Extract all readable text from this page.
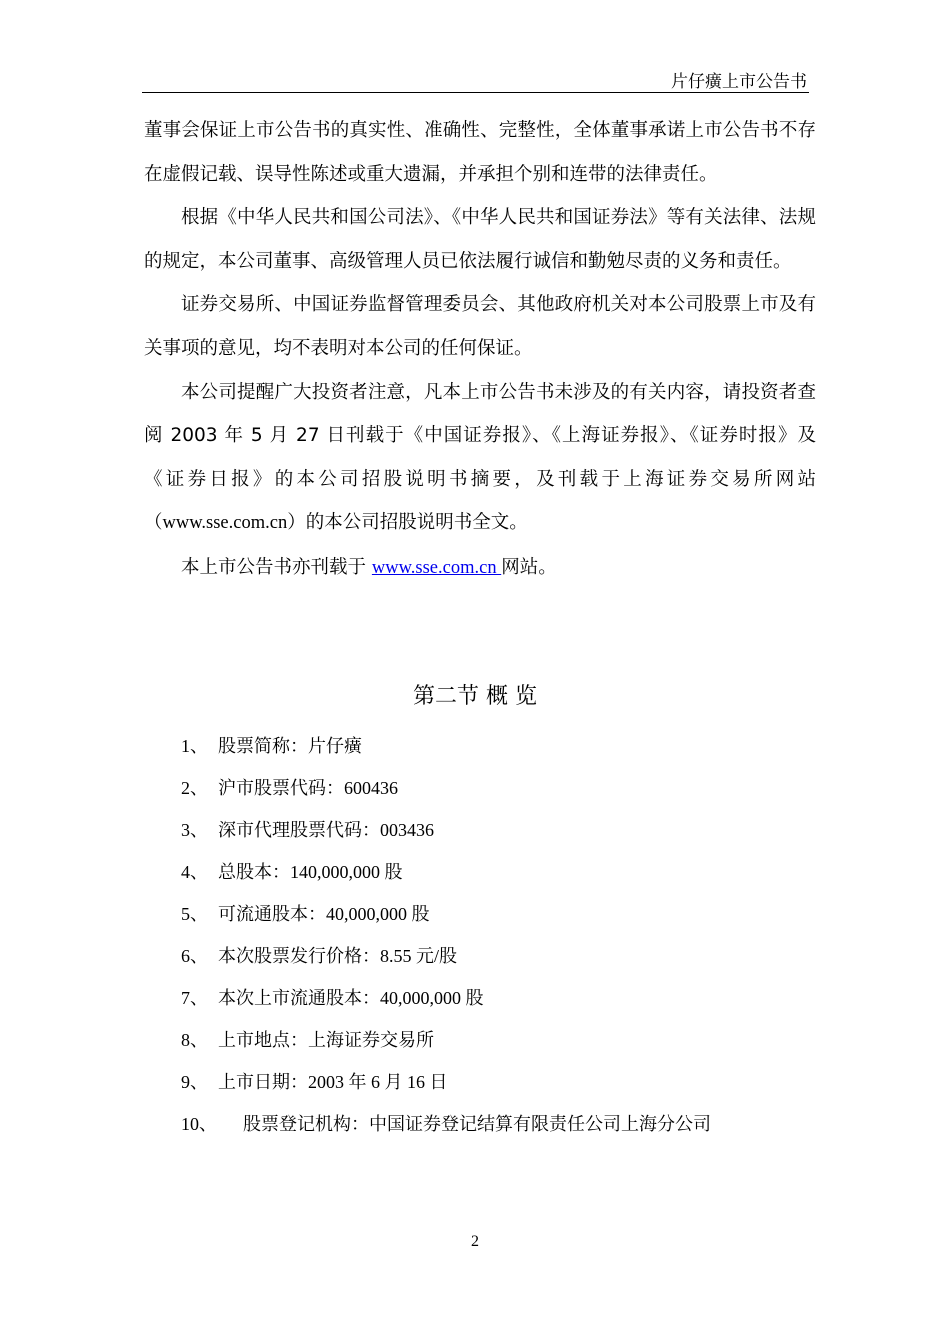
片仔癀上市公告书

董事会保证上市公告书的真实性、准确性、完整性，全体董事承诺上市公告书不存在虚假记载、误导性陈述或重大遗漏，并承担个别和连带的法律责任。

根据《中华人民共和国公司法》、《中华人民共和国证券法》等有关法律、法规的规定，本公司董事、高级管理人员已依法履行诚信和勤勉尽责的义务和责任。

证券交易所、中国证券监督管理委员会、其他政府机关对本公司股票上市及有关事项的意见，均不表明对本公司的任何保证。

本公司提醒广大投资者注意，凡本上市公告书未涉及的有关内容，请投资者查阅 2003 年 5 月 27 日刊载于《中国证券报》、《上海证券报》、《证券时报》及《证券日报》的本公司招股说明书摘要，及刊载于上海证券交易所网站（www.sse.com.cn）的本公司招股说明书全文。

本上市公告书亦刊载于 www.sse.com.cn 网站。

第二节 概 览
1、 股票简称：片仔癀
2、 沪市股票代码：600436
3、 深市代理股票代码：003436
4、 总股本：140,000,000 股
5、 可流通股本：40,000,000 股
6、 本次股票发行价格：8.55 元/股
7、 本次上市流通股本：40,000,000 股
8、 上市地点：上海证券交易所
9、 上市日期：2003 年 6 月 16 日
10、 股票登记机构：中国证券登记结算有限责任公司上海分公司
2
